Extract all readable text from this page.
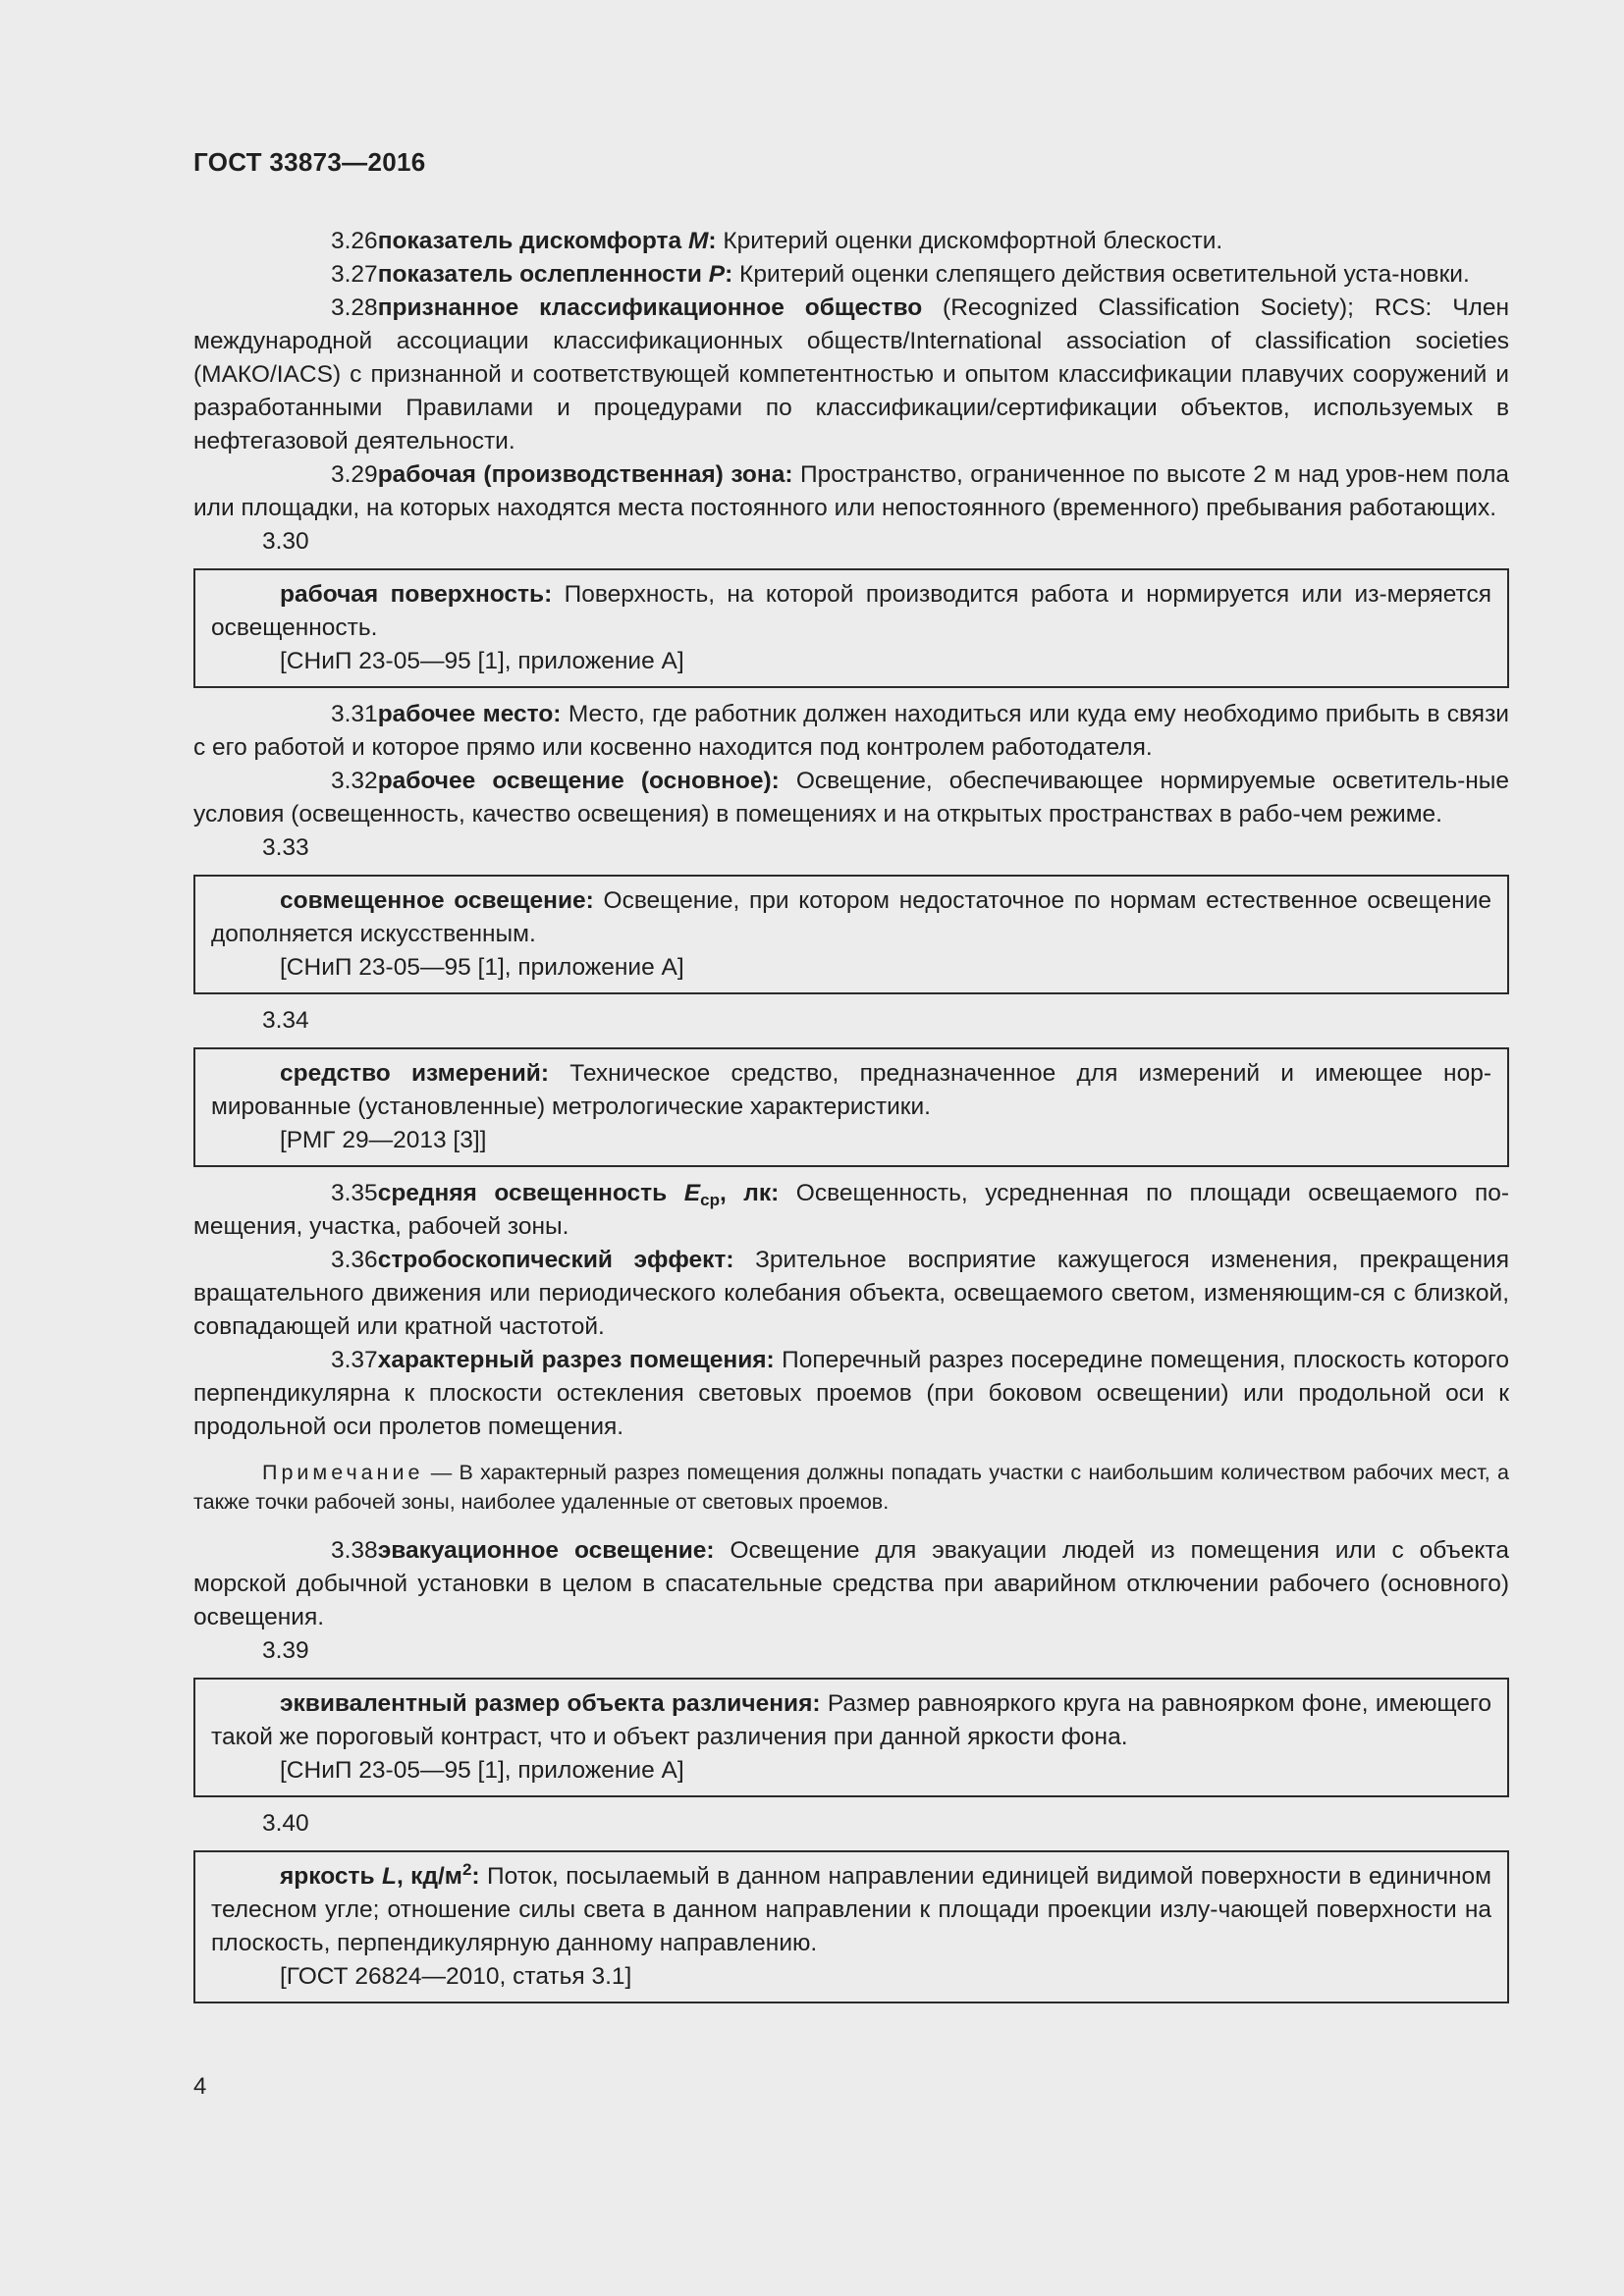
ГОСТ 33873—2016

3.26показатель дискомфорта M: Критерий оценки дискомфортной блескости.

3.27показатель ослепленности P: Критерий оценки слепящего действия осветительной уста-новки.

3.28признанное классификационное общество (Recognized Classification Society); RCS: Член международной ассоциации классификационных обществ/International association of classification societies (МАКО/IACS) с признанной и соответствующей компетентностью и опытом классификации плавучих сооружений и разработанными Правилами и процедурами по классификации/сертификации объектов, используемых в нефтегазовой деятельности.

3.29рабочая (производственная) зона: Пространство, ограниченное по высоте 2 м над уров-нем пола или площадки, на которых находятся места постоянного или непостоянного (временного) пребывания работающих.

3.30

рабочая поверхность: Поверхность, на которой производится работа и нормируется или из-меряется освещенность.

[СНиП 23-05—95 [1], приложение А]

3.31рабочее место: Место, где работник должен находиться или куда ему необходимо прибыть в связи с его работой и которое прямо или косвенно находится под контролем работодателя.

3.32рабочее освещение (основное): Освещение, обеспечивающее нормируемые осветитель-ные условия (освещенность, качество освещения) в помещениях и на открытых пространствах в рабо-чем режиме.

3.33

совмещенное освещение: Освещение, при котором недостаточное по нормам естественное освещение дополняется искусственным.

[СНиП 23-05—95 [1], приложение А]

3.34

средство измерений: Техническое средство, предназначенное для измерений и имеющее нор-мированные (установленные) метрологические характеристики.

[РМГ 29—2013 [3]]

3.35средняя освещенность $E_{ср}$, лк: Освещенность, усредненная по площади освещаемого по-мещения, участка, рабочей зоны.

3.36стробоскопический эффект: Зрительное восприятие кажущегося изменения, прекращения вращательного движения или периодического колебания объекта, освещаемого светом, изменяющим-ся с близкой, совпадающей или кратной частотой.

3.37характерный разрез помещения: Поперечный разрез посередине помещения, плоскость которого перпендикулярна к плоскости остекления световых проемов (при боковом освещении) или продольной оси к продольной оси пролетов помещения.

Примечание — В характерный разрез помещения должны попадать участки с наибольшим количеством рабочих мест, а также точки рабочей зоны, наиболее удаленные от световых проемов.

3.38эвакуационное освещение: Освещение для эвакуации людей из помещения или с объекта морской добычной установки в целом в спасательные средства при аварийном отключении рабочего (основного) освещения.

3.39

эквивалентный размер объекта различения: Размер равнояркого круга на равноярком фоне, имеющего такой же пороговый контраст, что и объект различения при данной яркости фона.

[СНиП 23-05—95 [1], приложение А]

3.40

яркость L, $кд/м^2$: Поток, посылаемый в данном направлении единицей видимой поверхности в единичном телесном угле; отношение силы света в данном направлении к площади проекции излу-чающей поверхности на плоскость, перпендикулярную данному направлению.

[ГОСТ 26824—2010, статья 3.1]

4
